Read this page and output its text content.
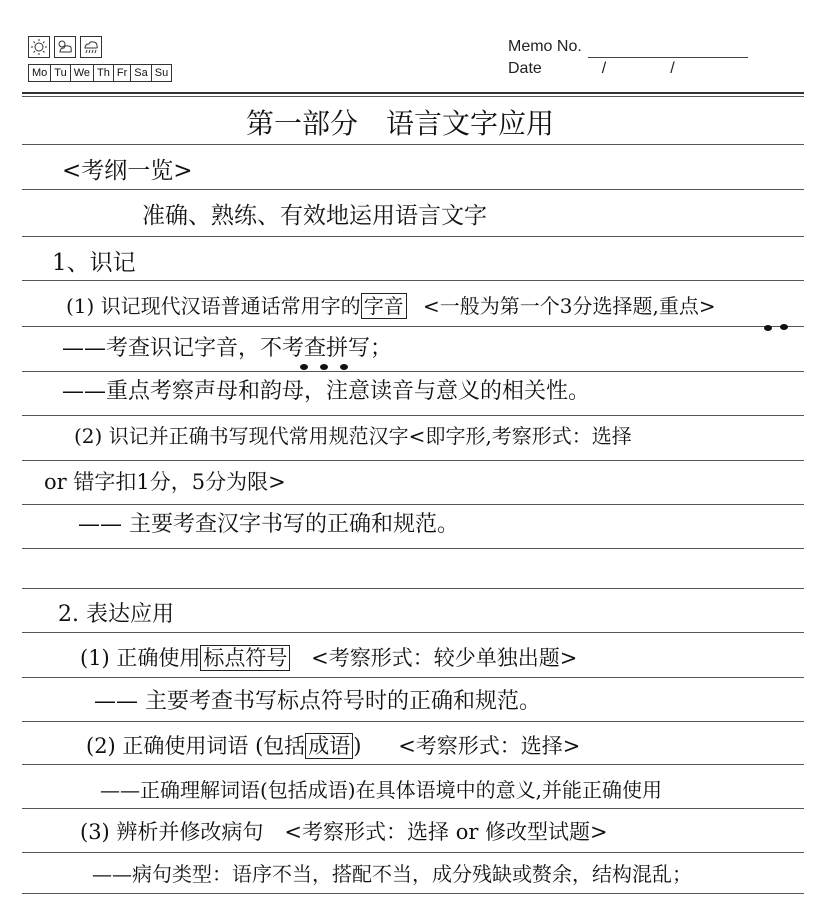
Mo Tu We Th Fr Sa Su
Memo No.
Date	/	/
第一部分　语言文字应用
<考纲一览>
准确、熟练、有效地运用语言文字
1、识记
(1) 识记现代汉语普通话常用字的 字音 <一般为第一个3分选择题,重点>
——考查识记字音，不考查拼写；
——重点考察声母和韵母，注意读音与意义的相关性。
(2) 识记并正确书写现代常用规范汉字<即字形,考察形式：选择
or 错字扣1分，5分为限>
—— 主要考查汉字书写的正确和规范。
2. 表达应用
(1) 正确使用 标点符号 <考察形式：较少单独出题>
—— 主要考查书写标点符号时的正确和规范。
(2) 正确使用词语 (包括 成语 ) <考察形式：选择>
——正确理解词语(包括成语)在具体语境中的意义,并能正确使用
(3) 辨析并修改病句　<考察形式：选择 or 修改型试题>
——病句类型：语序不当，搭配不当，成分残缺或赘余，结构混乱；
